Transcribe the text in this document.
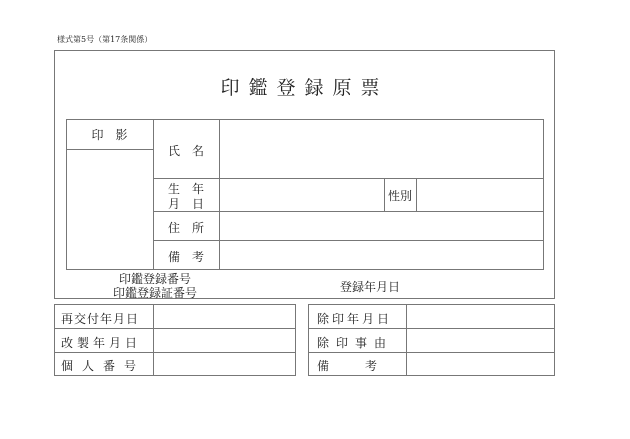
様式第5号（第17条関係）
印鑑登録原票
印　影
氏　名
生　年
月　日
性別
住　所
備　考
印鑑登録番号
印鑑登録証番号	登録年月日
再交付年月日
改製年月日
個人番号
除印年月日
除印事由
備　　　考
